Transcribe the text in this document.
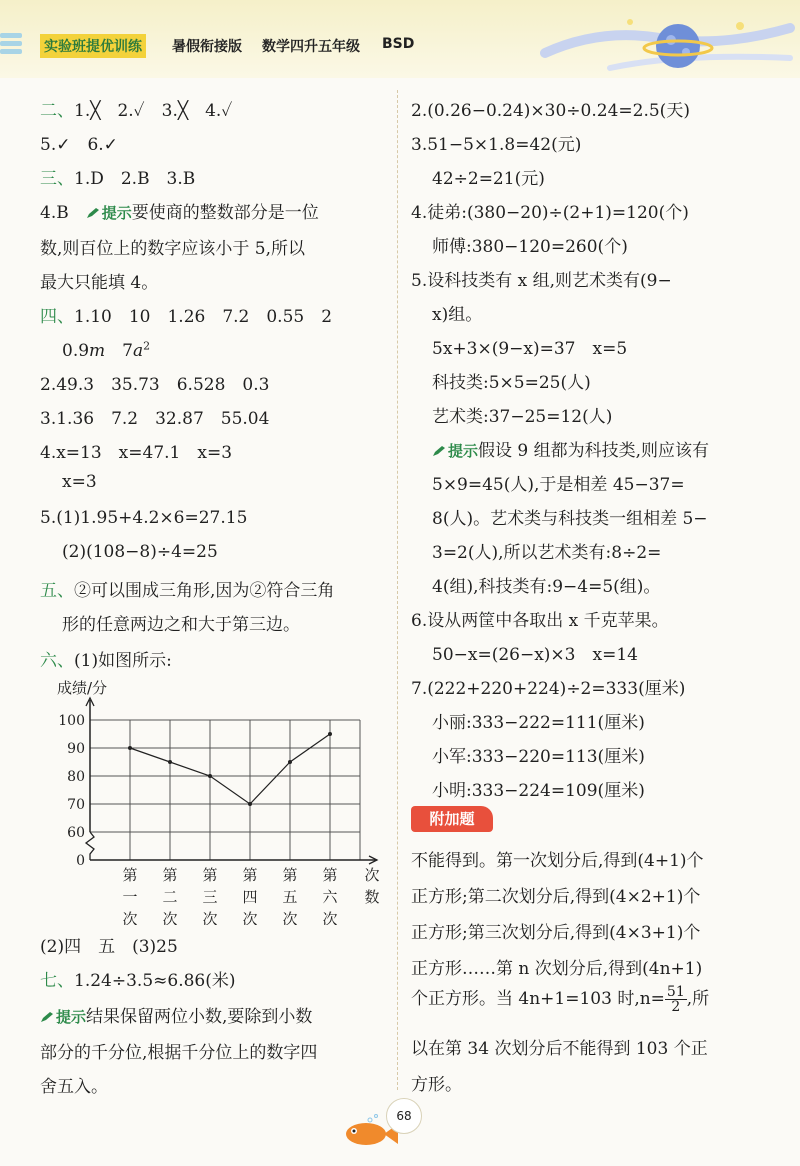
实验班提优训练 暑假衔接版 数学四升五年级 BSD
二、1.╳　2.✓　3.╳　4.✓
5.✓　6.✓
三、1.D　2.B　3.B
4.B　提示要使商的整数部分是一位
数,则百位上的数字应该小于 5,所以
最大只能填 4。
四、1.10　10　1.26　7.2　0.55　2
0.9m　$7a^2$
2.49.3　35.73　6.528　0.3
3.1.36　7.2　32.87　55.04
4.x=13　x=47.1　x=3
x=3
5.(1)1.95+4.2×6=27.15
(2)(108−8)÷4=25
五、②可以围成三角形,因为②符合三角
形的任意两边之和大于第三边。
六、(1)如图所示:
成绩/分
100
90
80
70
60
0
第
一
次
第
二
次
第
三
次
第
四
次
第
五
次
第
六
次
次
数
(2)四　五　(3)25
七、1.24÷3.5≈6.86(米)
提示结果保留两位小数,要除到小数
部分的千分位,根据千分位上的数字四
舍五入。
2.(0.26−0.24)×30÷0.24=2.5(天)
3.51−5×1.8=42(元)
42÷2=21(元)
4.徒弟:(380−20)÷(2+1)=120(个)
师傅:380−120=260(个)
5.设科技类有 x 组,则艺术类有(9−
x)组。
5x+3×(9−x)=37　x=5
科技类:5×5=25(人)
艺术类:37−25=12(人)
提示假设 9 组都为科技类,则应该有
5×9=45(人),于是相差 45−37=
8(人)。艺术类与科技类一组相差 5−
3=2(人),所以艺术类有:8÷2=
4(组),科技类有:9−4=5(组)。
6.设从两筐中各取出 x 千克苹果。
50−x=(26−x)×3　x=14
7.(222+220+224)÷2=333(厘米)
小丽:333−222=111(厘米)
小军:333−220=113(厘米)
小明:333−224=109(厘米)
附加题
不能得到。第一次划分后,得到(4+1)个
正方形;第二次划分后,得到(4×2+1)个
正方形;第三次划分后,得到(4×3+1)个
正方形……第 n 次划分后,得到(4n+1)
个正方形。当 4n+1=103 时$,n= \frac{51}{2}$ ,所
以在第 34 次划分后不能得到 103 个正
方形。
68
